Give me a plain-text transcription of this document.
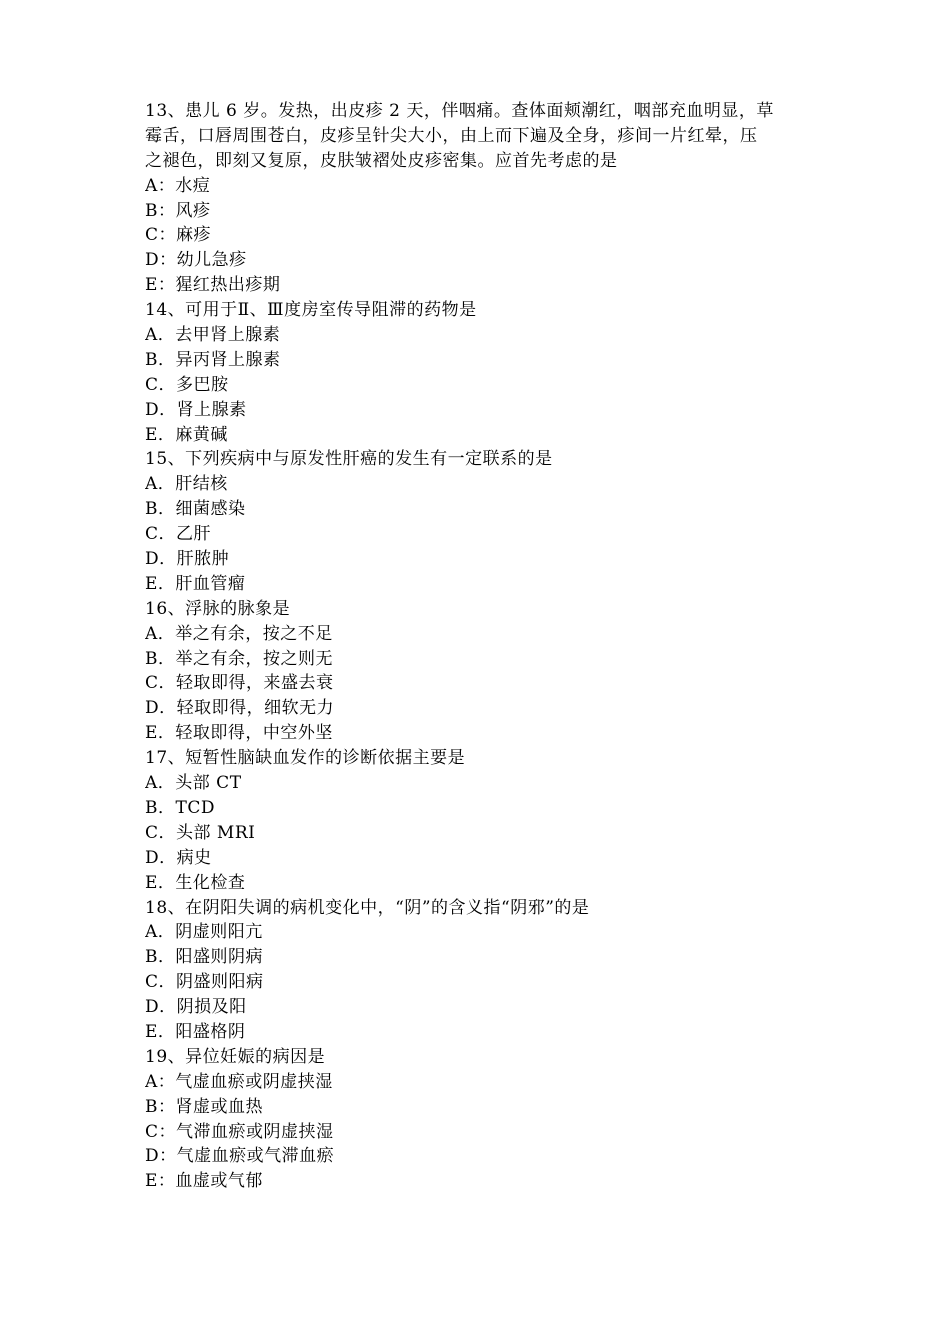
13、患儿 6 岁。发热，出皮疹 2 天，伴咽痛。查体面颊潮红，咽部充血明显，草
霉舌，口唇周围苍白，皮疹呈针尖大小，由上而下遍及全身，疹间一片红晕，压
之褪色，即刻又复原，皮肤皱褶处皮疹密集。应首先考虑的是
A：水痘
B：风疹
C：麻疹
D：幼儿急疹
E：猩红热出疹期
14、可用于Ⅱ、Ⅲ度房室传导阻滞的药物是
A．去甲肾上腺素
B．异丙肾上腺素
C．多巴胺
D．肾上腺素
E．麻黄碱
15、下列疾病中与原发性肝癌的发生有一定联系的是
A．肝结核
B．细菌感染
C．乙肝
D．肝脓肿
E．肝血管瘤
16、浮脉的脉象是
A．举之有余，按之不足
B．举之有余，按之则无
C．轻取即得，来盛去衰
D．轻取即得，细软无力
E．轻取即得，中空外坚
17、短暂性脑缺血发作的诊断依据主要是
A．头部 CT
B．TCD
C．头部 MRI
D．病史
E．生化检查
18、在阴阳失调的病机变化中，“阴”的含义指“阴邪”的是
A．阴虚则阳亢
B．阳盛则阴病
C．阴盛则阳病
D．阴损及阳
E．阳盛格阴
19、异位妊娠的病因是
A：气虚血瘀或阴虚挟湿
B：肾虚或血热
C：气滞血瘀或阴虚挟湿
D：气虚血瘀或气滞血瘀
E：血虚或气郁
